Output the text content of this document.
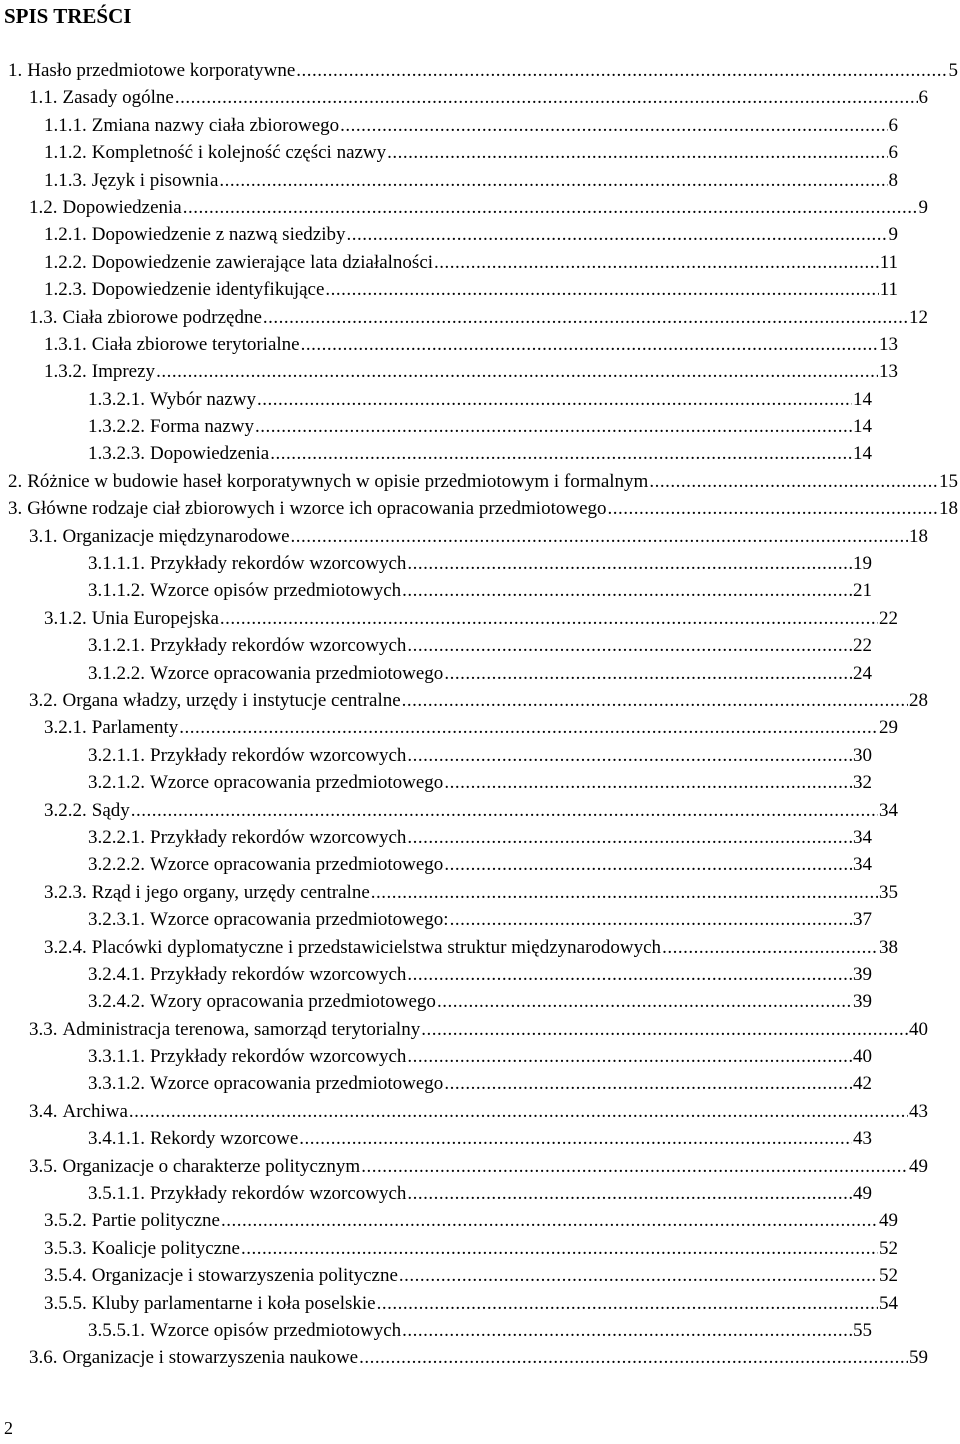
SPIS TREŚCI
1. Hasło przedmiotowe korporatywne .....	5
1.1. Zasady ogólne .....	6
1.1.1. Zmiana nazwy ciała zbiorowego .....	6
1.1.2. Kompletność i kolejność części nazwy .....	6
1.1.3. Język i pisownia .....	8
1.2. Dopowiedzenia .....	9
1.2.1. Dopowiedzenie z nazwą siedziby .....	9
1.2.2. Dopowiedzenie zawierające lata działalności .....	11
1.2.3. Dopowiedzenie identyfikujące .....	11
1.3. Ciała zbiorowe podrzędne .....	12
1.3.1. Ciała zbiorowe terytorialne .....	13
1.3.2. Imprezy .....	13
1.3.2.1. Wybór nazwy .....	14
1.3.2.2. Forma nazwy .....	14
1.3.2.3. Dopowiedzenia .....	14
2. Różnice w budowie haseł korporatywnych w opisie przedmiotowym i formalnym .....	15
3. Główne rodzaje ciał zbiorowych i wzorce ich opracowania przedmiotowego .....	18
3.1. Organizacje międzynarodowe .....	18
3.1.1.1. Przykłady rekordów wzorcowych .....	19
3.1.1.2. Wzorce opisów przedmiotowych .....	21
3.1.2. Unia Europejska .....	22
3.1.2.1. Przykłady rekordów wzorcowych .....	22
3.1.2.2. Wzorce opracowania przedmiotowego .....	24
3.2. Organa władzy, urzędy i instytucje centralne .....	28
3.2.1. Parlamenty .....	29
3.2.1.1. Przykłady rekordów wzorcowych .....	30
3.2.1.2. Wzorce opracowania przedmiotowego .....	32
3.2.2. Sądy .....	34
3.2.2.1. Przykłady rekordów wzorcowych .....	34
3.2.2.2. Wzorce opracowania przedmiotowego .....	34
3.2.3. Rząd i jego organy, urzędy centralne .....	35
3.2.3.1. Wzorce opracowania przedmiotowego: .....	37
3.2.4. Placówki dyplomatyczne i przedstawicielstwa struktur międzynarodowych .....	38
3.2.4.1. Przykłady rekordów wzorcowych .....	39
3.2.4.2. Wzory opracowania przedmiotowego .....	39
3.3. Administracja terenowa, samorząd terytorialny .....	40
3.3.1.1. Przykłady rekordów wzorcowych .....	40
3.3.1.2. Wzorce opracowania przedmiotowego .....	42
3.4. Archiwa .....	43
3.4.1.1. Rekordy wzorcowe .....	43
3.5. Organizacje o charakterze politycznym .....	49
3.5.1.1. Przykłady rekordów wzorcowych .....	49
3.5.2. Partie polityczne .....	49
3.5.3. Koalicje polityczne .....	52
3.5.4. Organizacje i stowarzyszenia polityczne .....	52
3.5.5. Kluby parlamentarne i koła poselskie .....	54
3.5.5.1. Wzorce opisów przedmiotowych .....	55
3.6. Organizacje i stowarzyszenia naukowe .....	59
2
